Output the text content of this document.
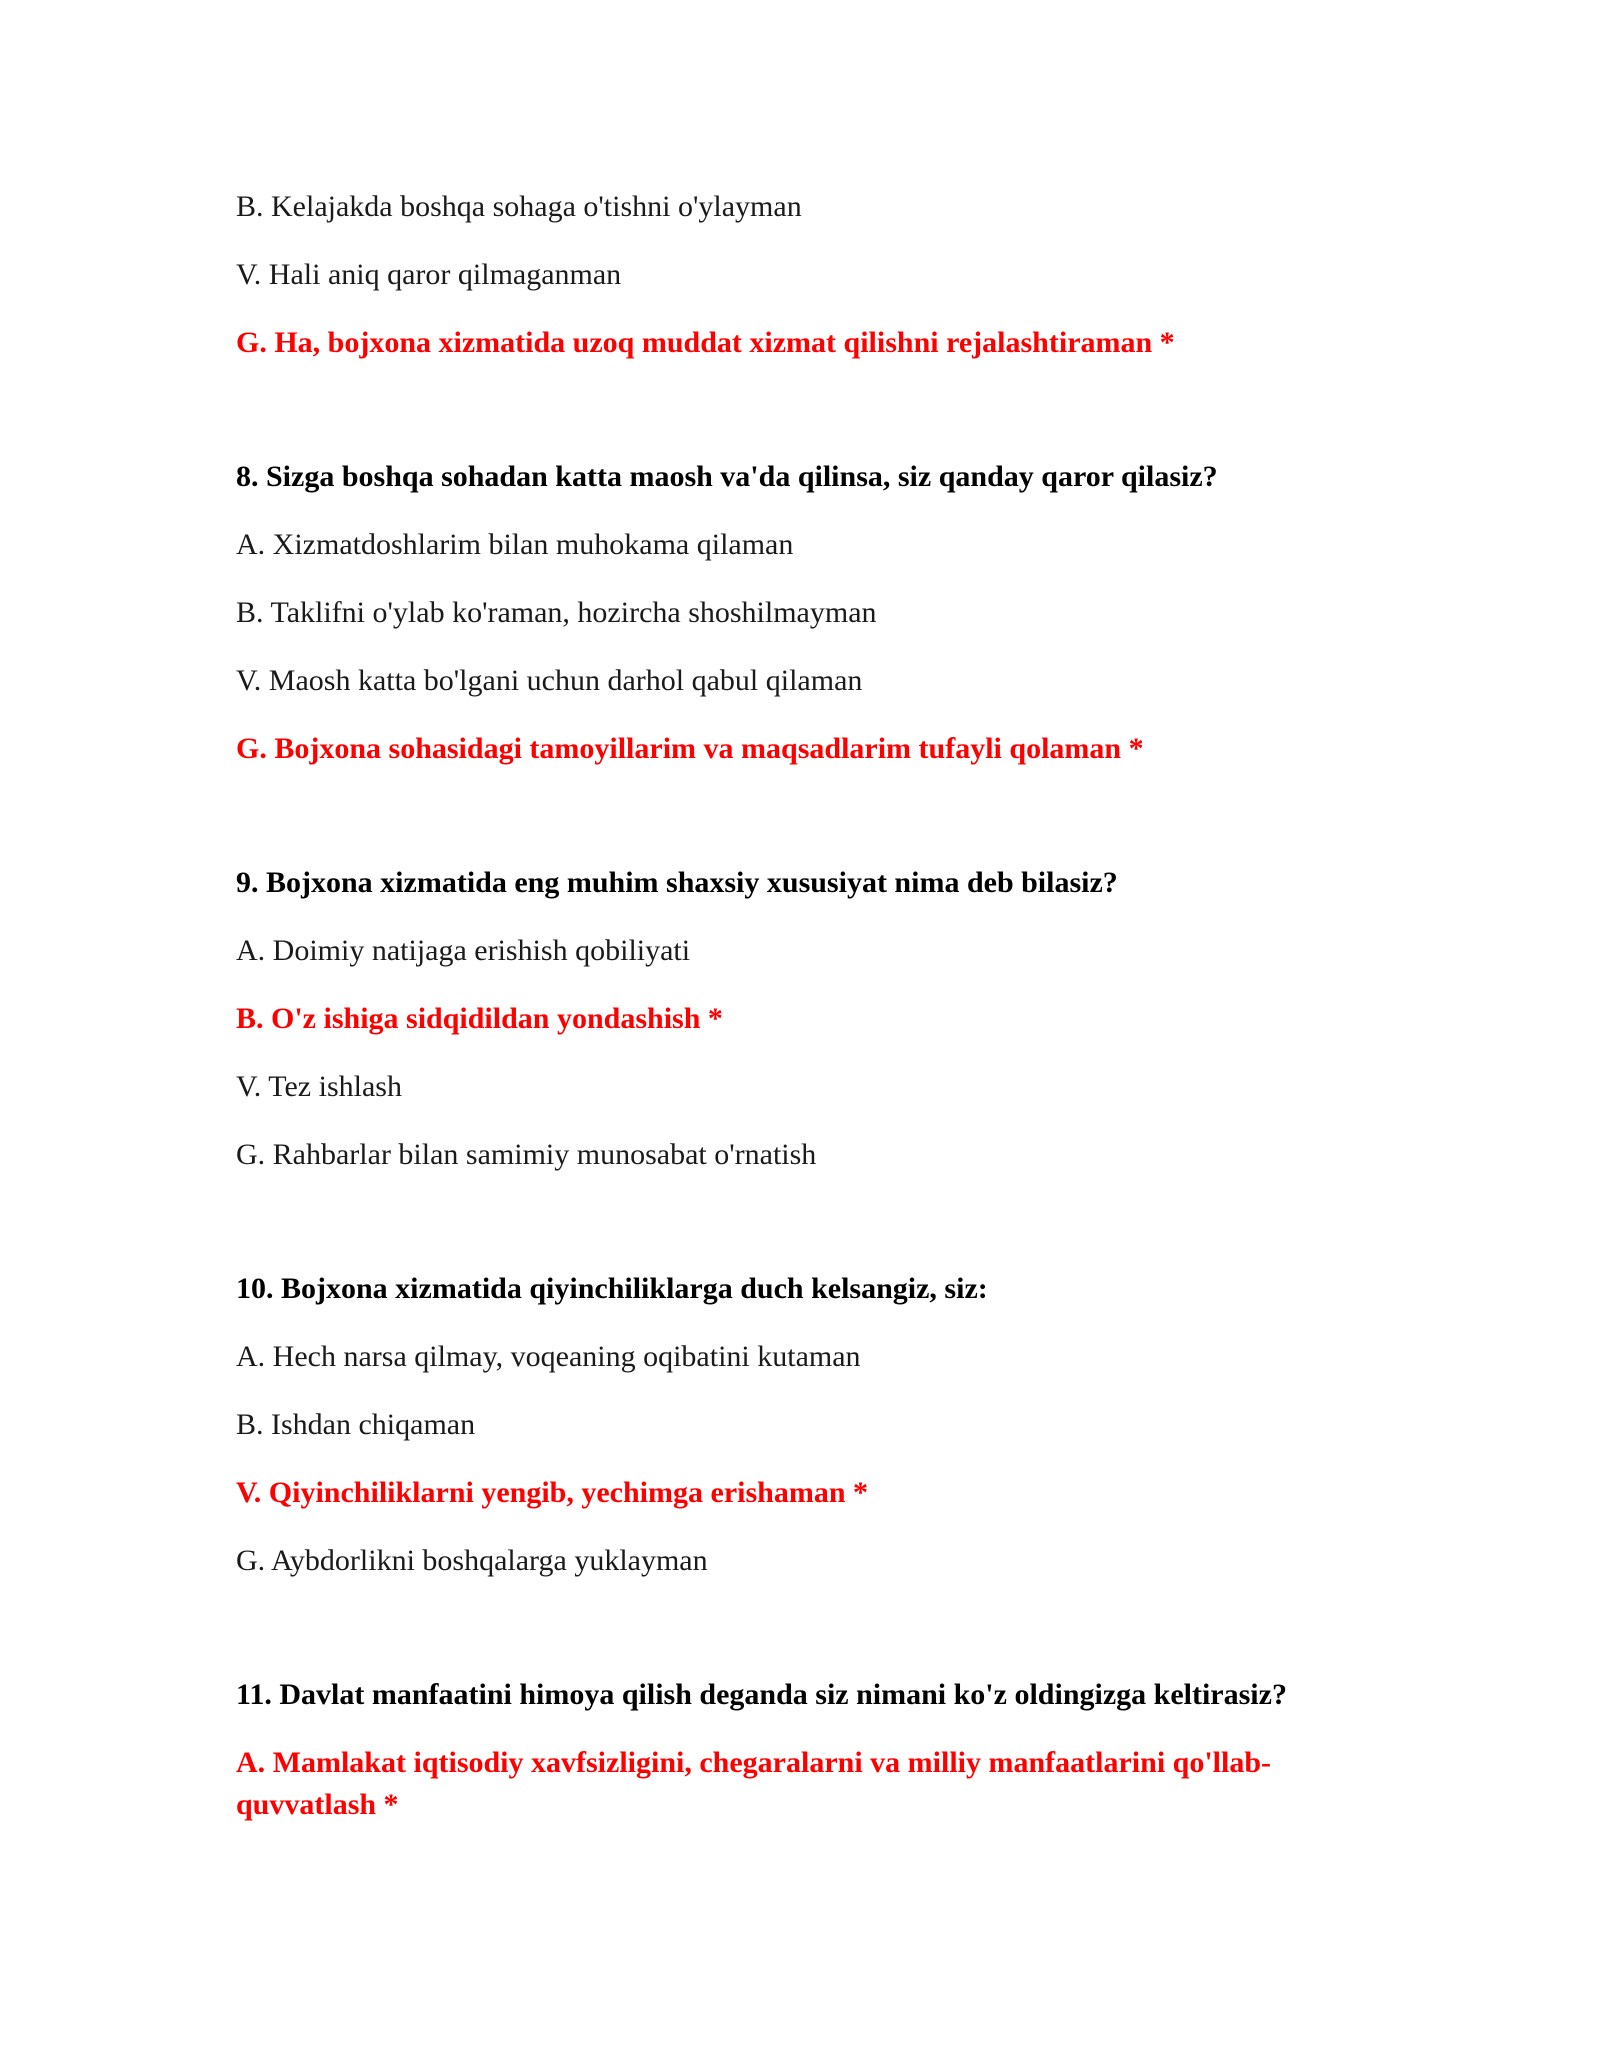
B. Kelajakda boshqa sohaga o'tishni o'ylayman
V. Hali aniq qaror qilmaganman
G. Ha, bojxona xizmatida uzoq muddat xizmat qilishni rejalashtiraman *
8. Sizga boshqa sohadan katta maosh va'da qilinsa, siz qanday qaror qilasiz?
A. Xizmatdoshlarim bilan muhokama qilaman
B. Taklifni o'ylab ko'raman, hozircha shoshilmayman
V. Maosh katta bo'lgani uchun darhol qabul qilaman
G. Bojxona sohasidagi tamoyillarim va maqsadlarim tufayli qolaman *
9. Bojxona xizmatida eng muhim shaxsiy xususiyat nima deb bilasiz?
A. Doimiy natijaga erishish qobiliyati
B. O'z ishiga sidqidildan yondashish *
V. Tez ishlash
G. Rahbarlar bilan samimiy munosabat o'rnatish
10. Bojxona xizmatida qiyinchiliklarga duch kelsangiz, siz:
A. Hech narsa qilmay, voqeaning oqibatini kutaman
B. Ishdan chiqaman
V. Qiyinchiliklarni yengib, yechimga erishaman *
G. Aybdorlikni boshqalarga yuklayman
11. Davlat manfaatini himoya qilish deganda siz nimani ko'z oldingizga keltirasiz?
A. Mamlakat iqtisodiy xavfsizligini, chegaralarni va milliy manfaatlarini qo'llab-quvvatlash *
